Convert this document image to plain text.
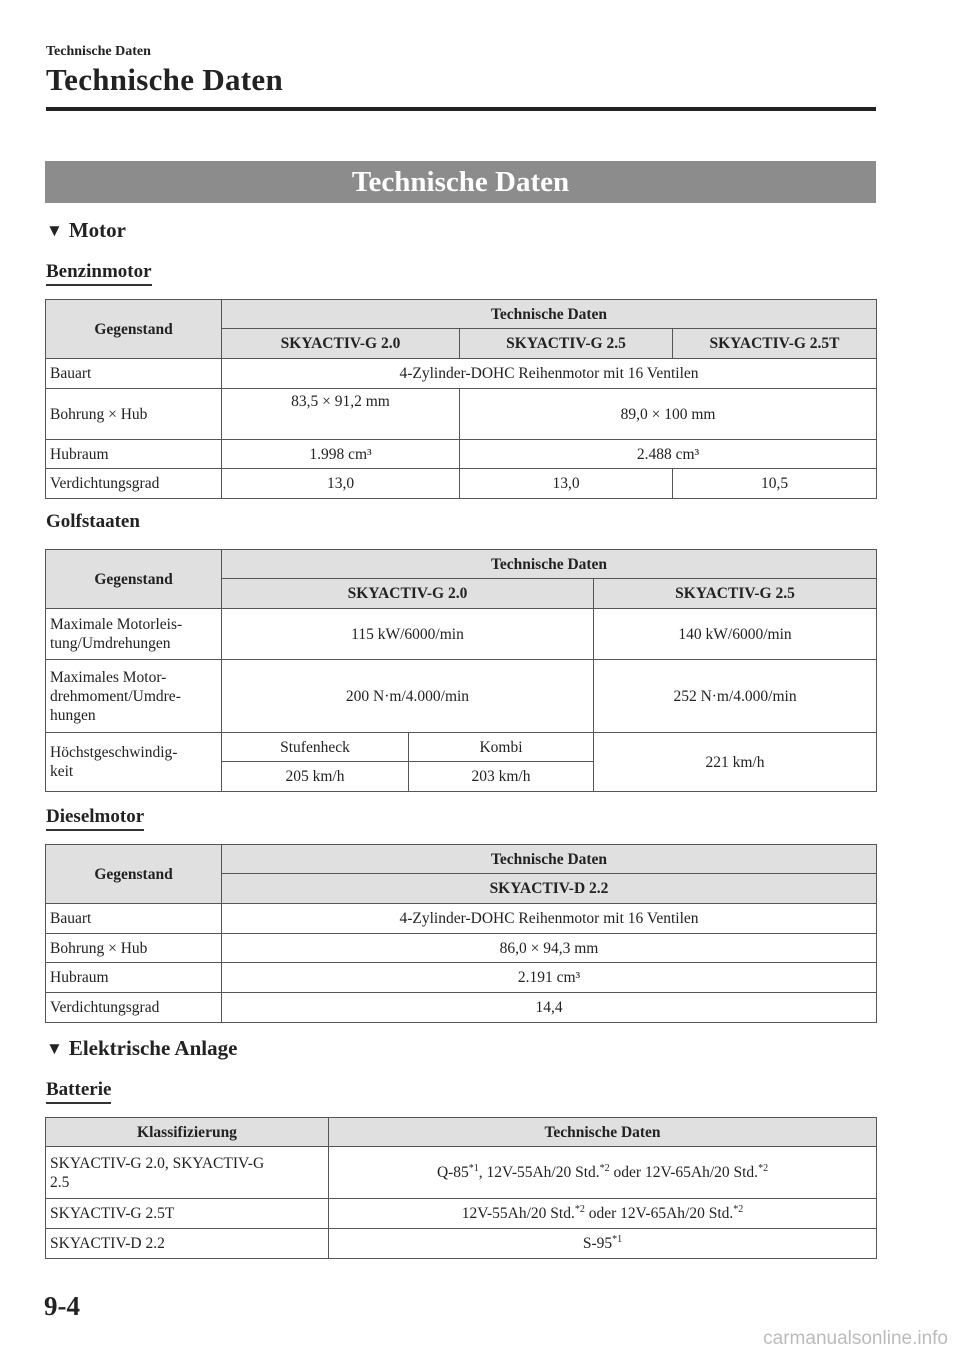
Technische Daten
Technische Daten
Technische Daten
▼ Motor
Benzinmotor
Gegenstand	Technische Daten		
	SKYACTIV-G 2.0	SKYACTIV-G 2.5	SKYACTIV-G 2.5T
Bauart	4-Zylinder-DOHC Reihenmotor mit 16 Ventilen		
Bohrung × Hub	83,5 × 91,2 mm	89,0 × 100 mm	
Hubraum	1.998 cm³	2.488 cm³	
Verdichtungsgrad	13,0	13,0	10,5
Golfstaaten
Gegenstand	Technische Daten		
	SKYACTIV-G 2.0		SKYACTIV-G 2.5
Maximale Motorleis-
tung/Umdrehungen	115 kW/6000/min		140 kW/6000/min
Maximales Motor-
drehmoment/Umdre-
hungen	200 N·m/4.000/min		252 N·m/4.000/min
Höchstgeschwindig-
keit	Stufenheck	Kombi	221 km/h
	205 km/h	203 km/h	
Dieselmotor
Gegenstand	Technische Daten
	SKYACTIV-D 2.2
Bauart	4-Zylinder-DOHC Reihenmotor mit 16 Ventilen
Bohrung × Hub	86,0 × 94,3 mm
Hubraum	2.191 cm³
Verdichtungsgrad	14,4
▼ Elektrische Anlage
Batterie
Klassifizierung	Technische Daten
SKYACTIV-G 2.0, SKYACTIV-G
2.5	Q-85$^{*1}$, 12V-55Ah/20 Std.$^{*2}$ oder 12V-65Ah/20 Std.$^{*2}$
SKYACTIV-G 2.5T	12V-55Ah/20 Std.$^{*2}$ oder 12V-65Ah/20 Std.$^{*2}$
SKYACTIV-D 2.2	S-95$^{*1}$
9-4
carmanualsonline.info
